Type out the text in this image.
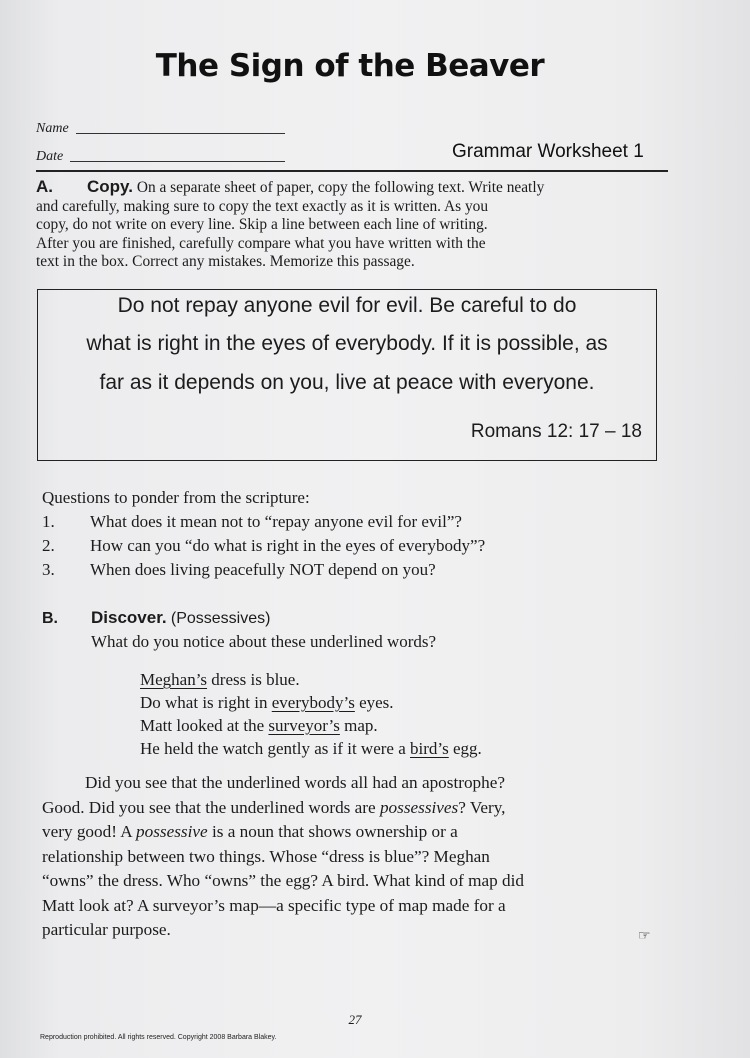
The Sign of the Beaver
Name
Date	Grammar Worksheet 1
A. Copy. On a separate sheet of paper, copy the following text. Write neatly
and carefully, making sure to copy the text exactly as it is written. As you
copy, do not write on every line. Skip a line between each line of writing.
After you are finished, carefully compare what you have written with the
text in the box. Correct any mistakes. Memorize this passage.
Do not repay anyone evil for evil. Be careful to do
what is right in the eyes of everybody. If it is possible, as
far as it depends on you, live at peace with everyone.
Romans 12: 17 – 18
Questions to ponder from the scripture:
1. What does it mean not to “repay anyone evil for evil”?
2. How can you “do what is right in the eyes of everybody”?
3. When does living peacefully NOT depend on you?
B. Discover. (Possessives)
What do you notice about these underlined words?
Meghan’s dress is blue.
Do what is right in everybody’s eyes.
Matt looked at the surveyor’s map.
He held the watch gently as if it were a bird’s egg.
Did you see that the underlined words all had an apostrophe?
Good. Did you see that the underlined words are possessives? Very,
very good! A possessive is a noun that shows ownership or a
relationship between two things. Whose “dress is blue”? Meghan
“owns” the dress. Who “owns” the egg? A bird. What kind of map did
Matt look at? A surveyor’s map—a specific type of map made for a
particular purpose.	☞
27
Reproduction prohibited. All rights reserved. Copyright 2008 Barbara Blakey.
